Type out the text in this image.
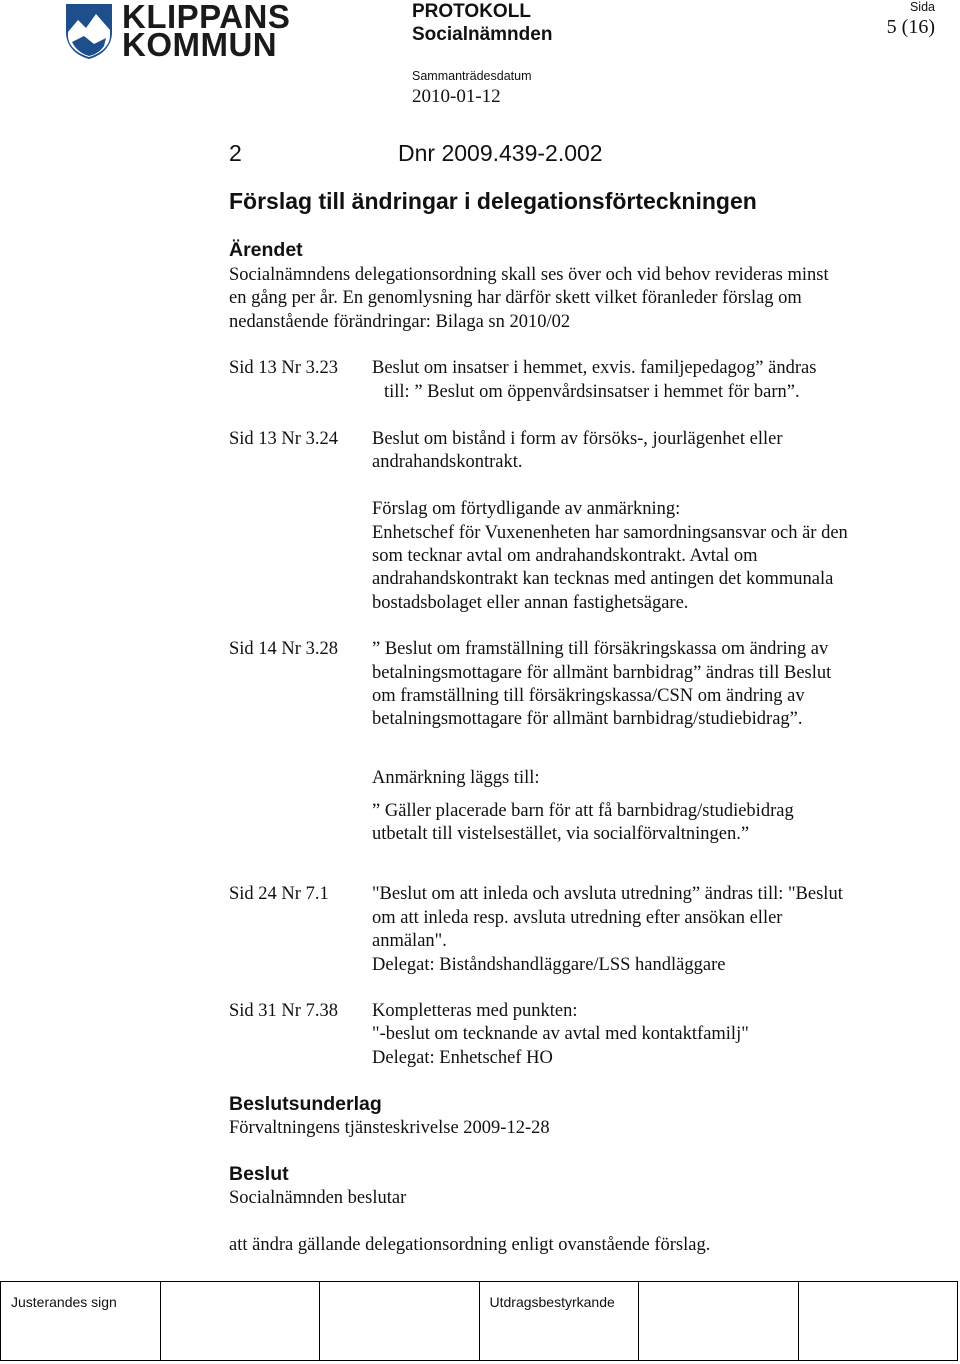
KLIPPANS
KOMMUN
PROTOKOLL
Socialnämnden
Sammanträdesdatum
2010-01-12
Sida
5 (16)
2	Dnr 2009.439-2.002
Förslag till ändringar i delegationsförteckningen
Ärendet
Socialnämndens delegationsordning skall ses över och vid behov revideras minst
en gång per år. En genomlysning har därför skett vilket föranleder förslag om
nedanstående förändringar: Bilaga sn 2010/02
Sid 13 Nr 3.23 Beslut om insatser i hemmet, exvis. familjepedagog” ändras
till: ” Beslut om öppenvårdsinsatser i hemmet för barn”.
Sid 13 Nr 3.24 Beslut om bistånd i form av försöks-, jourlägenhet eller
andrahandskontrakt.
Förslag om förtydligande av anmärkning:
Enhetschef för Vuxenenheten har samordningsansvar och är den
som tecknar avtal om andrahandskontrakt. Avtal om
andrahandskontrakt kan tecknas med antingen det kommunala
bostadsbolaget eller annan fastighetsägare.
Sid 14 Nr 3.28 ” Beslut om framställning till försäkringskassa om ändring av
betalningsmottagare för allmänt barnbidrag” ändras till Beslut
om framställning till försäkringskassa/CSN om ändring av
betalningsmottagare för allmänt barnbidrag/studiebidrag”.
Anmärkning läggs till:
” Gäller placerade barn för att få barnbidrag/studiebidrag
utbetalt till vistelsestället, via socialförvaltningen.”
Sid 24 Nr 7.1 "Beslut om att inleda och avsluta utredning” ändras till: "Beslut
om att inleda resp. avsluta utredning efter ansökan eller
anmälan".
Delegat: Biståndshandläggare/LSS handläggare
Sid 31 Nr 7.38 Kompletteras med punkten:
"-beslut om tecknande av avtal med kontaktfamilj"
Delegat: Enhetschef HO
Beslutsunderlag
Förvaltningens tjänsteskrivelse 2009-12-28
Beslut
Socialnämnden beslutar
att ändra gällande delegationsordning enligt ovanstående förslag.
Justerandes sign	Utdragsbestyrkande
